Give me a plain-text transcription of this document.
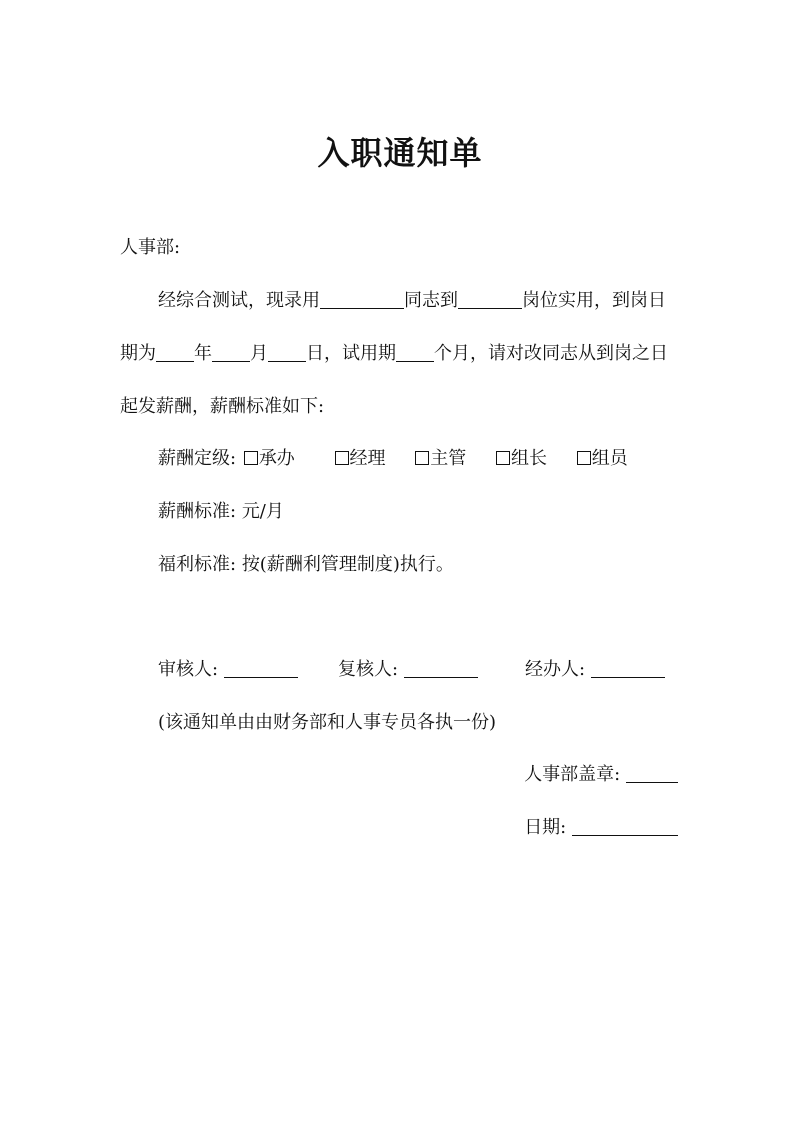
入职通知单
人事部:
经综合测试，现录用	同志到	岗位实用，到岗日
期为 年 月 日，试用期 个月，请对改同志从到岗之日
起发薪酬，薪酬标准如下:
薪酬定级: 承办	经理 主管 组长 组员
薪酬标准: 元/月
福利标准: 按(薪酬利管理制度)执行。
审核人:	复核人:	经办人:
(该通知单由由财务部和人事专员各执一份)
人事部盖章:
日期:
